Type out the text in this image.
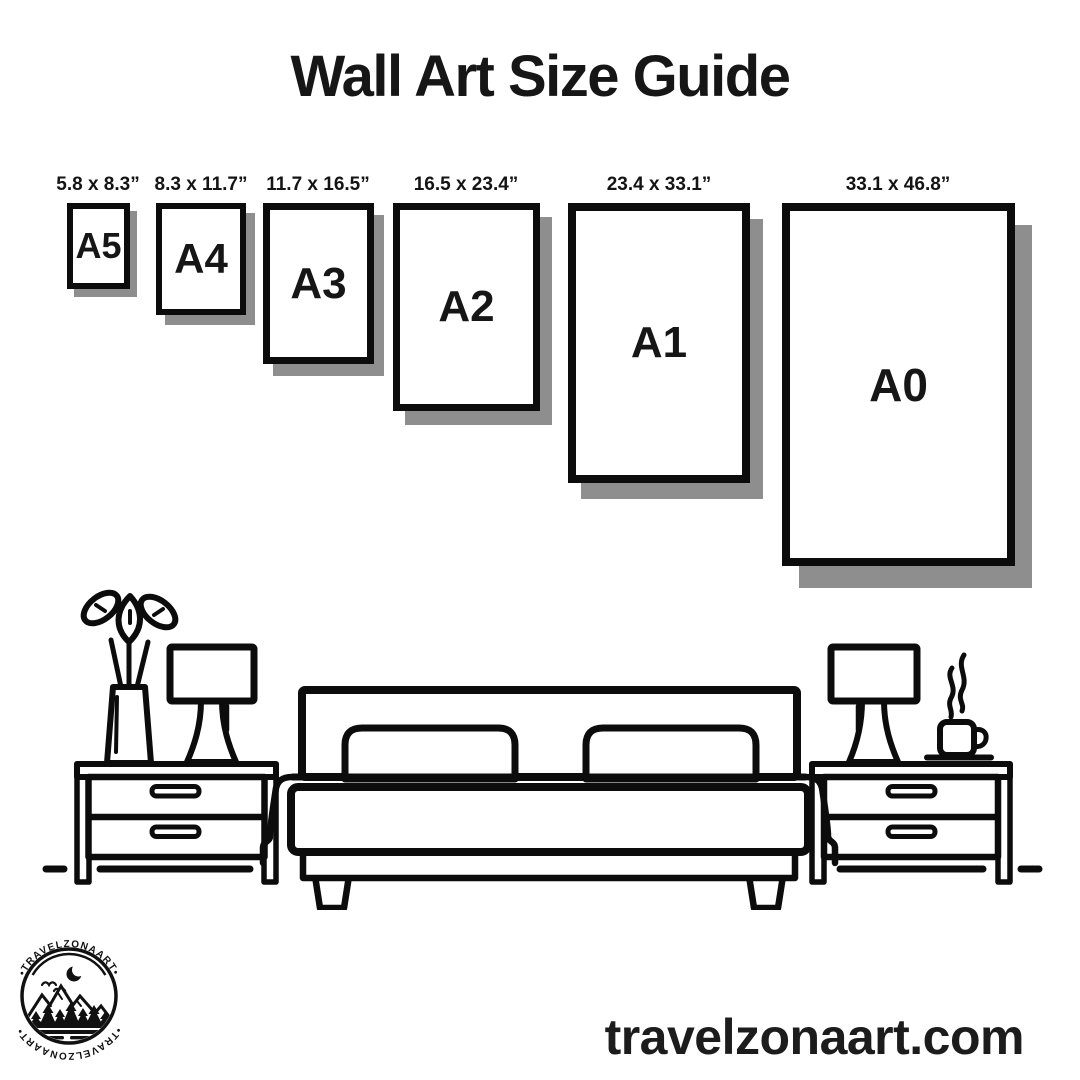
Wall Art Size Guide
5.8 x 8.3” 8.3 x 11.7” 11.7 x 16.5”	16.5 x 23.4”	23.4 x 33.1”	33.1 x 46.8”
A5 A4 A3 A2
A1
A0
•TRAVELZONAART•
•TRAVELZONAART•	travelzonaart.com
